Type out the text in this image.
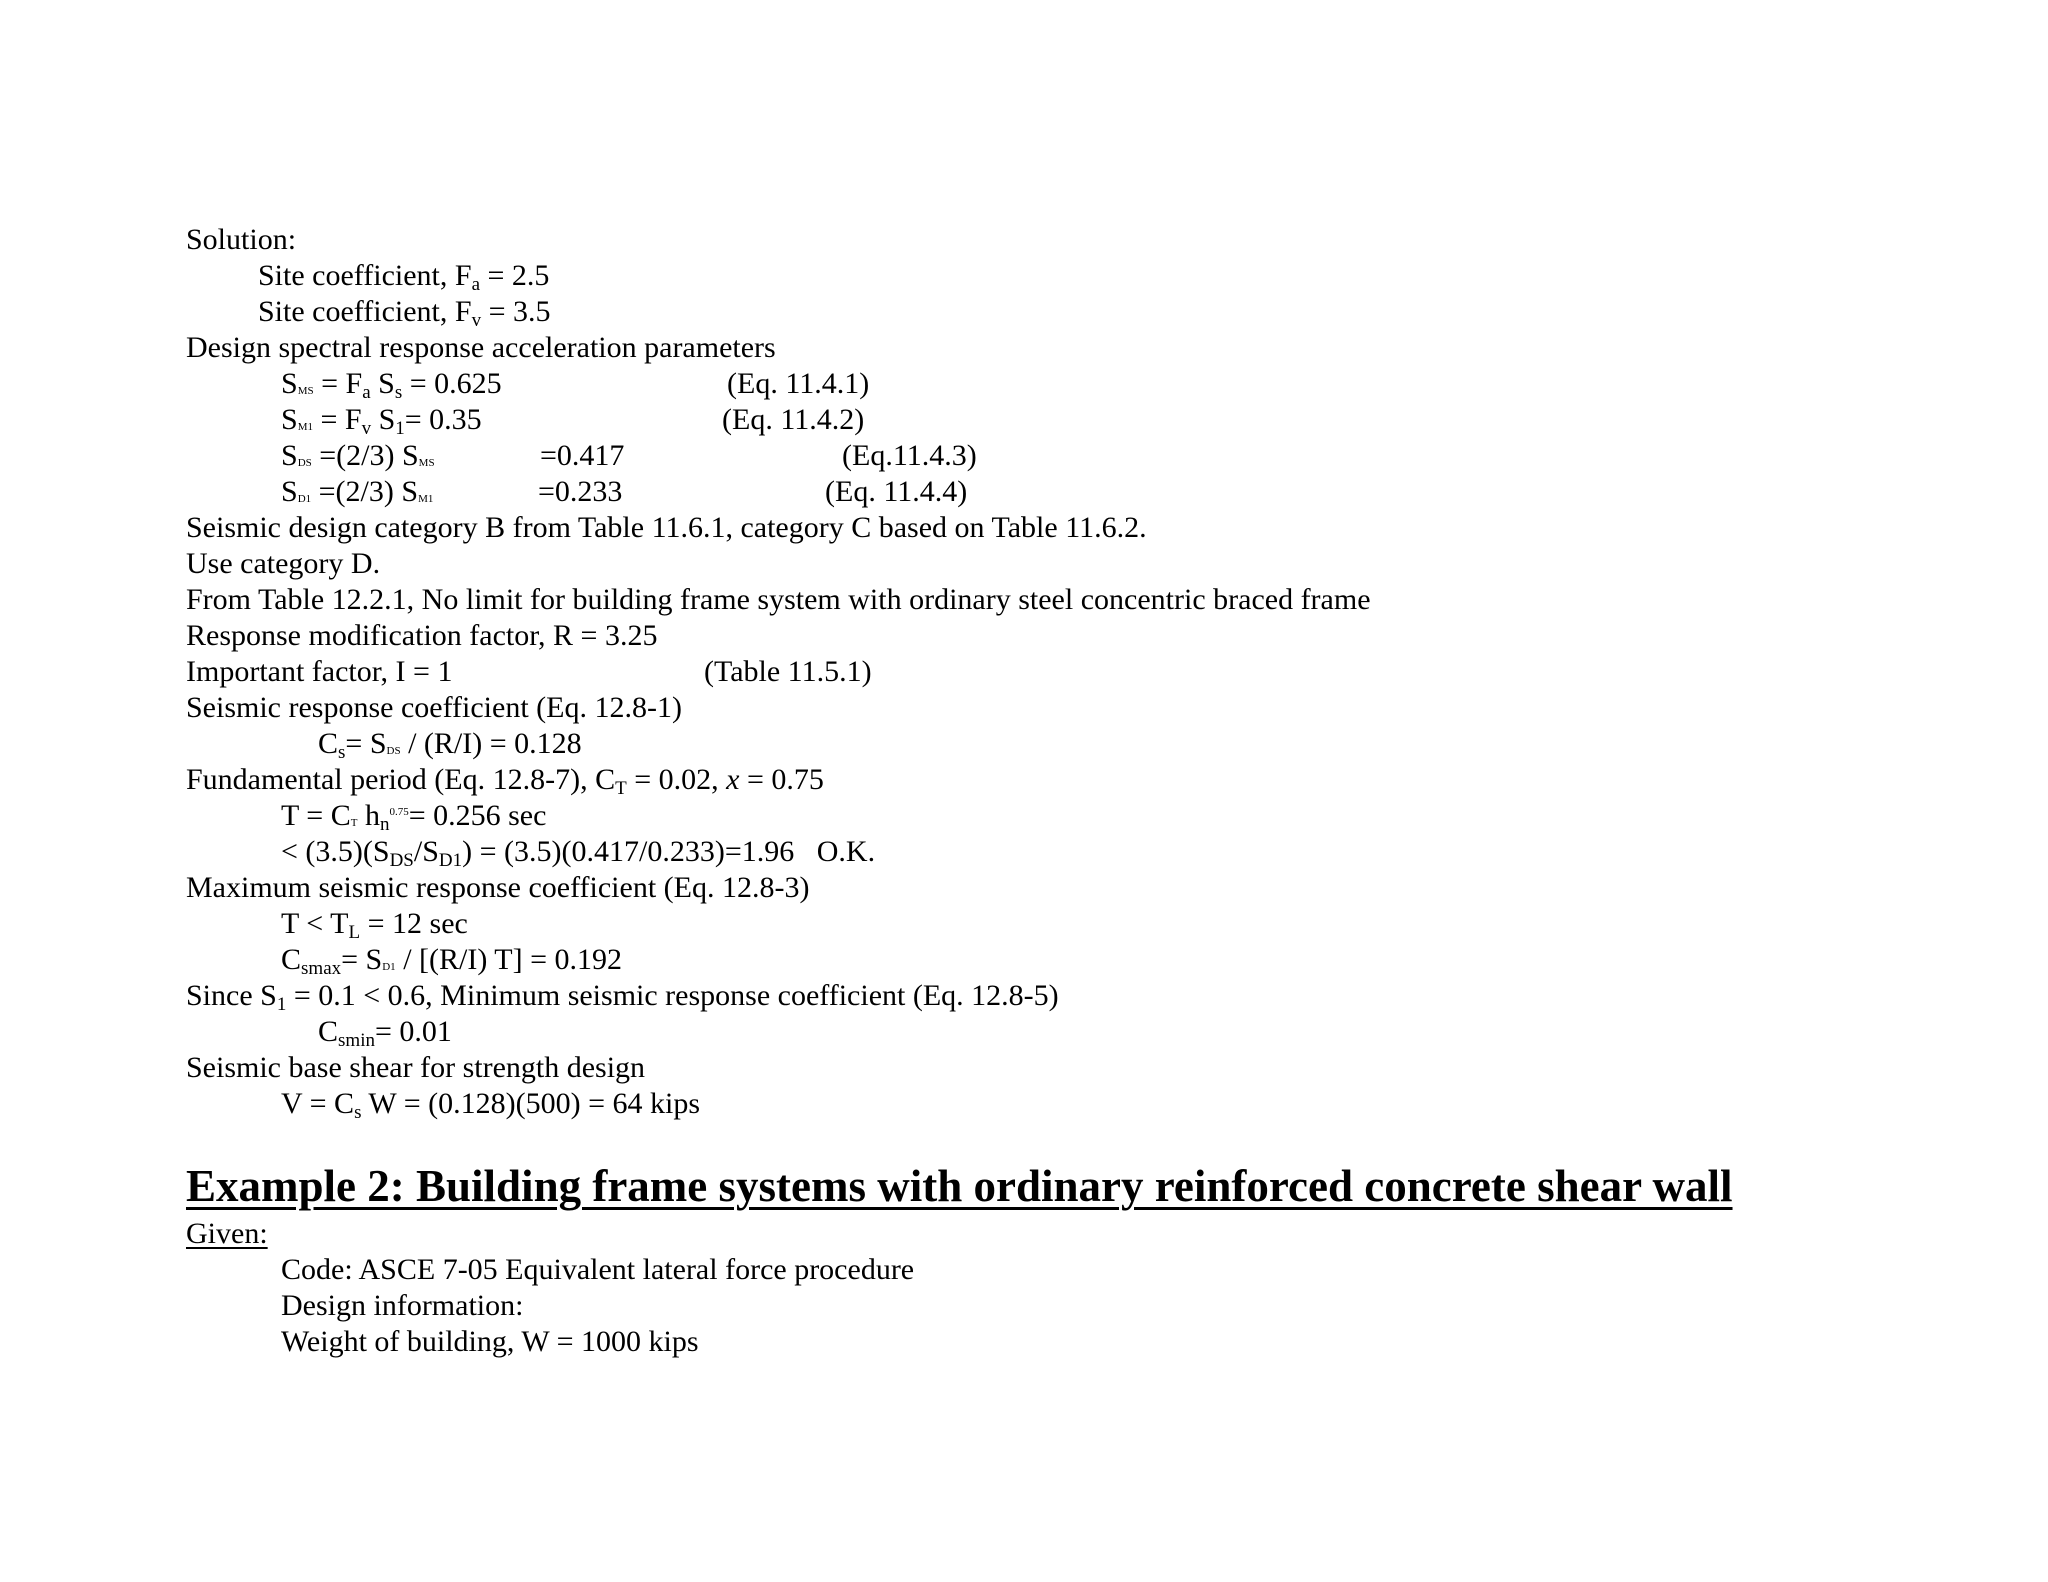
Solution:
Site coefficient, $F_a = 2.5$
Site coefficient, $F_v = 3.5$
Design spectral response acceleration parameters
SMS = $F_a$ $S_s = 0.625$	(Eq. 11.4.1)
$SM1 = F_v$ $S_1= 0.35$	(Eq. 11.4.2)
SDS =(2/3) SMS	=0.417	(Eq.11.4.3)
SD1 =(2/3) SM1	=0.233	(Eq. 11.4.4)
Seismic design category B from Table 11.6.1, category C based on Table 11.6.2.
Use category D.
From Table 12.2.1, No limit for building frame system with ordinary steel concentric braced frame
Response modification factor, R = 3.25
Important factor, I = 1	(Table 11.5.1)
Seismic response coefficient (Eq. 12.8-1)
$C_s=$ SDS / (R/I) = 0.128
Fundamental period (Eq. 12.8-7), $C_T = 0.02$, x = 0.75
T = CT $h_n^{0.75}= 0.256$ sec
< $(3.5)(S_{DS}/S_{D1}) = (3.5)(0.417/0.233)=1.96$   O.K.
Maximum seismic response coefficient (Eq. 12.8-3)
$T < T_L = 12$ sec
$C_{smax}= SD1 / [(R/I) T] = 0.192$
Since $S_1 = 0.1 < 0.6$, Minimum seismic response coefficient (Eq. 12.8-5)
$C_{smin}= 0.01$
Seismic base shear for strength design
$V = C_s$ W = (0.128)(500) = 64 kips
Example 2: Building frame systems with ordinary reinforced concrete shear wall
Given:
Code: ASCE 7-05 Equivalent lateral force procedure
Design information:
Weight of building, W = 1000 kips
